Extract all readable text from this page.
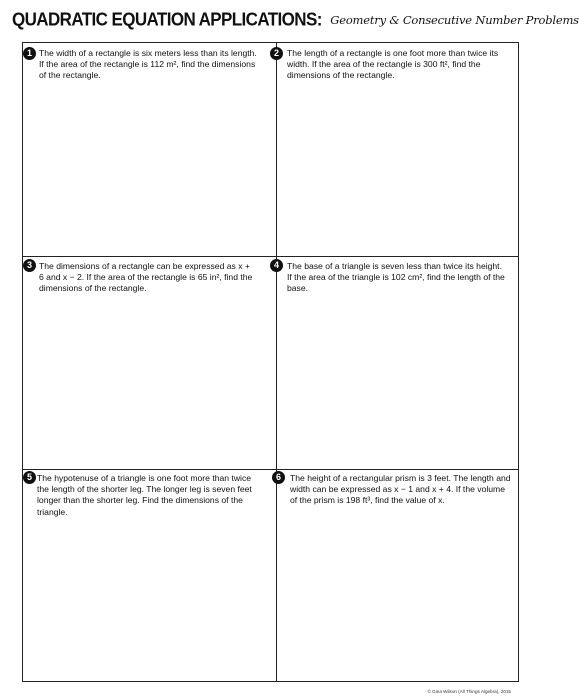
QUADRATIC EQUATION APPLICATIONS: Geometry & Consecutive Number Problems
1 The width of a rectangle is six meters less than its length. If the area of the rectangle is 112 m², find the dimensions of the rectangle.
2 The length of a rectangle is one foot more than twice its width. If the area of the rectangle is 300 ft², find the dimensions of the rectangle.
3 The dimensions of a rectangle can be expressed as x + 6 and x − 2. If the area of the rectangle is 65 in², find the dimensions of the rectangle.
4 The base of a triangle is seven less than twice its height. If the area of the triangle is 102 cm², find the length of the base.
5 The hypotenuse of a triangle is one foot more than twice the length of the shorter leg. The longer leg is seven feet longer than the shorter leg. Find the dimensions of the triangle.
6	The height of a rectangular prism is 3 feet. The length and width can be expressed as x − 1 and x + 4. If the volume of the prism is 198 ft³, find the value of x.
© Gina Wilson (All Things Algebra), 2015
